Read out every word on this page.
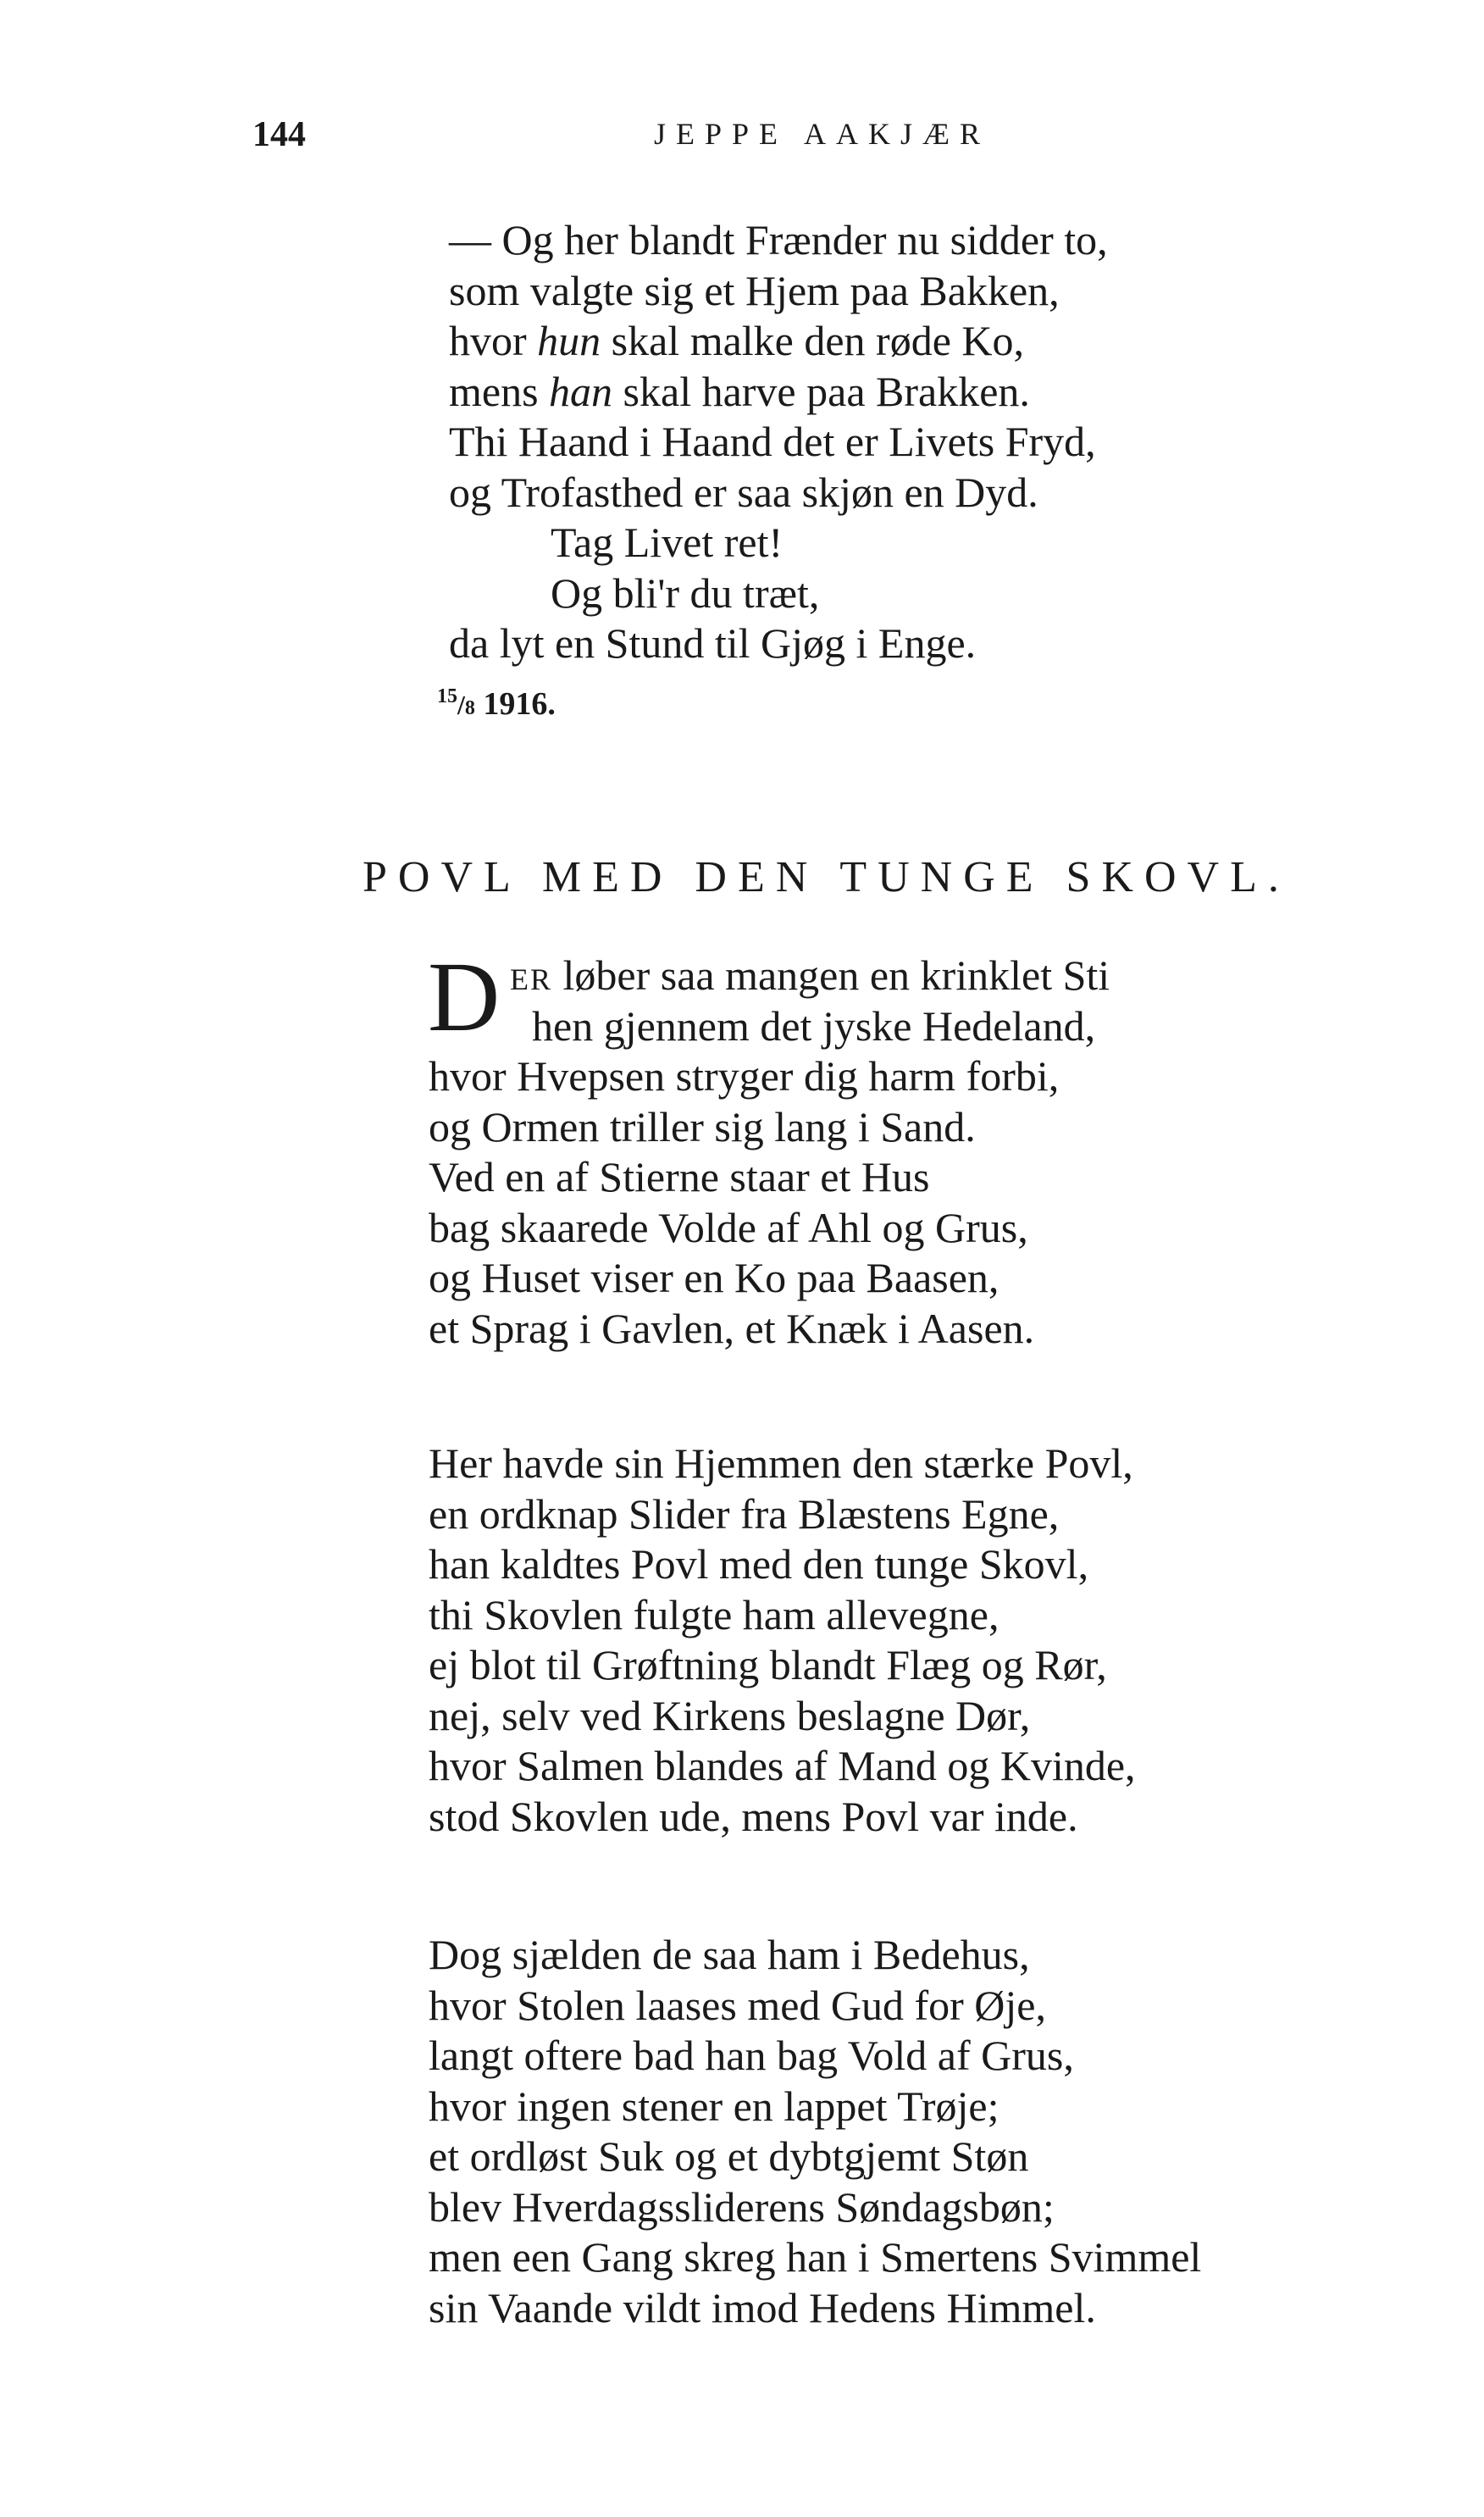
144	JEPPE AAKJÆR
— Og her blandt Frænder nu sidder to,
som valgte sig et Hjem paa Bakken,
hvor hun skal malke den røde Ko,
mens han skal harve paa Brakken.
Thi Haand i Haand det er Livets Fryd,
og Trofasthed er saa skjøn en Dyd.
Tag Livet ret!
Og bli'r du træt,
da lyt en Stund til Gjøg i Enge.
$^{15}$/8 1916.
POVL MED DEN TUNGE SKOVL.
D ER løber saa mangen en krinklet Sti
hen gjennem det jyske Hedeland,
hvor Hvepsen stryger dig harm forbi,
og Ormen triller sig lang i Sand.
Ved en af Stierne staar et Hus
bag skaarede Volde af Ahl og Grus,
og Huset viser en Ko paa Baasen,
et Sprag i Gavlen, et Knæk i Aasen.
Her havde sin Hjemmen den stærke Povl,
en ordknap Slider fra Blæstens Egne,
han kaldtes Povl med den tunge Skovl,
thi Skovlen fulgte ham allevegne,
ej blot til Grøftning blandt Flæg og Rør,
nej, selv ved Kirkens beslagne Dør,
hvor Salmen blandes af Mand og Kvinde,
stod Skovlen ude, mens Povl var inde.
Dog sjælden de saa ham i Bedehus,
hvor Stolen laases med Gud for Øje,
langt oftere bad han bag Vold af Grus,
hvor ingen stener en lappet Trøje;
et ordløst Suk og et dybtgjemt Støn
blev Hverdagssliderens Søndagsbøn;
men een Gang skreg han i Smertens Svimmel
sin Vaande vildt imod Hedens Himmel.
